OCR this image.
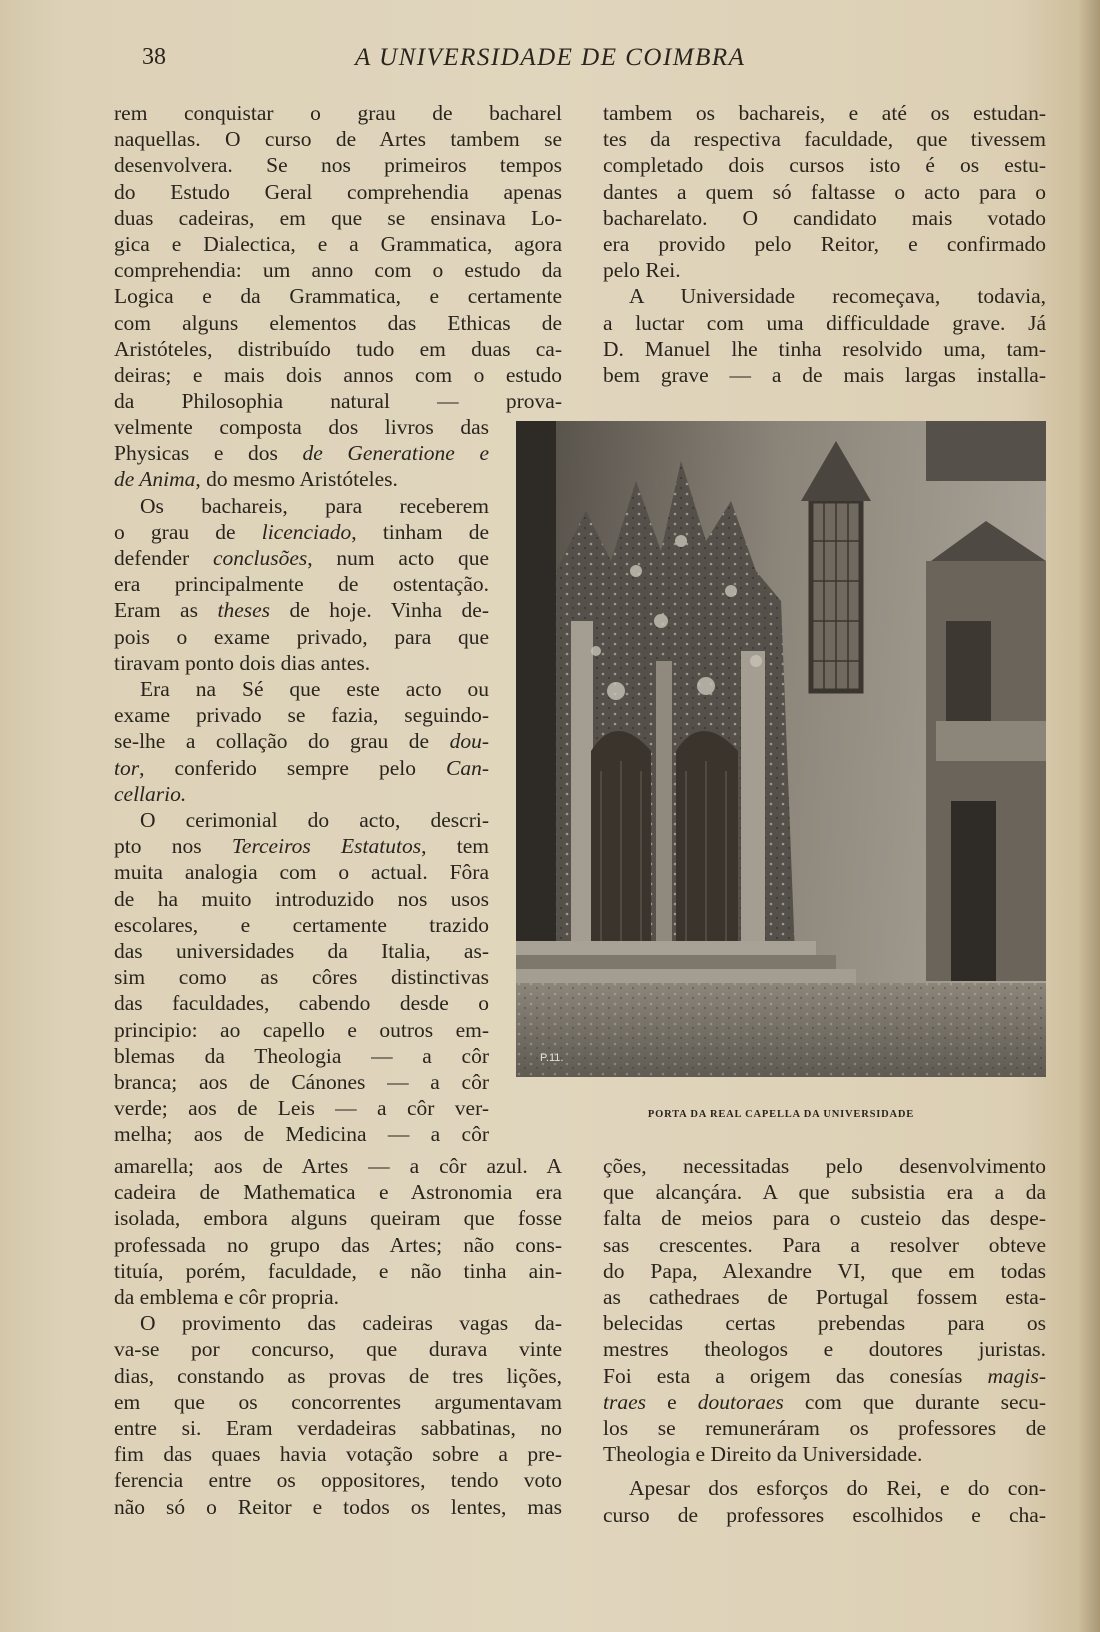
38	A UNIVERSIDADE DE COIMBRA
rem conquistar o grau de bacharel
naquellas. O curso de Artes tambem se
desenvolvera. Se nos primeiros tempos
do Estudo Geral comprehendia apenas
duas cadeiras, em que se ensinava Lo-
gica e Dialectica, e a Grammatica, agora
comprehendia: um anno com o estudo da
Logica e da Grammatica, e certamente
com alguns elementos das Ethicas de
Aristóteles, distribuído tudo em duas ca-
deiras; e mais dois annos com o estudo
da Philosophia natural — prova-
velmente composta dos livros das
Physicas e dos de Generatione e
de Anima, do mesmo Aristóteles.
Os bachareis, para receberem
o grau de licenciado, tinham de
defender conclusões, num acto que
era principalmente de ostentação.
Eram as theses de hoje. Vinha de-
pois o exame privado, para que
tiravam ponto dois dias antes.
Era na Sé que este acto ou
exame privado se fazia, seguindo-
se-lhe a collação do grau de dou-
tor, conferido sempre pelo Can-
cellario.
O cerimonial do acto, descri-
pto nos Terceiros Estatutos, tem
muita analogia com o actual. Fôra
de ha muito introduzido nos usos
escolares, e certamente trazido
das universidades da Italia, as-
sim como as côres distinctivas
das faculdades, cabendo desde o
principio: ao capello e outros em-
blemas da Theologia — a côr
branca; aos de Cánones — a côr
verde; aos de Leis — a côr ver-
melha; aos de Medicina — a côr
amarella; aos de Artes — a côr azul. A
cadeira de Mathematica e Astronomia era
isolada, embora alguns queiram que fosse
professada no grupo das Artes; não cons-
tituía, porém, faculdade, e não tinha ain-
da emblema e côr propria.
O provimento das cadeiras vagas da-
va-se por concurso, que durava vinte
dias, constando as provas de tres lições,
em que os concorrentes argumentavam
entre si. Eram verdadeiras sabbatinas, no
fim das quaes havia votação sobre a pre-
ferencia entre os oppositores, tendo voto
não só o Reitor e todos os lentes, mas
tambem os bachareis, e até os estudan-
tes da respectiva faculdade, que tivessem
completado dois cursos isto é os estu-
dantes a quem só faltasse o acto para o
bacharelato. O candidato mais votado
era provido pelo Reitor, e confirmado
pelo Rei.
A Universidade recomeçava, todavia,
a luctar com uma difficuldade grave. Já
D. Manuel lhe tinha resolvido uma, tam-
bem grave — a de mais largas installa-
P.11.
PORTA DA REAL CAPELLA DA UNIVERSIDADE
ções, necessitadas pelo desenvolvimento
que alcançára. A que subsistia era a da
falta de meios para o custeio das despe-
sas crescentes. Para a resolver obteve
do Papa, Alexandre VI, que em todas
as cathedraes de Portugal fossem esta-
belecidas certas prebendas para os
mestres theologos e doutores juristas.
Foi esta a origem das conesías magis-
traes e doutoraes com que durante secu-
los se remuneráram os professores de
Theologia e Direito da Universidade.
Apesar dos esforços do Rei, e do con-
curso de professores escolhidos e cha-
